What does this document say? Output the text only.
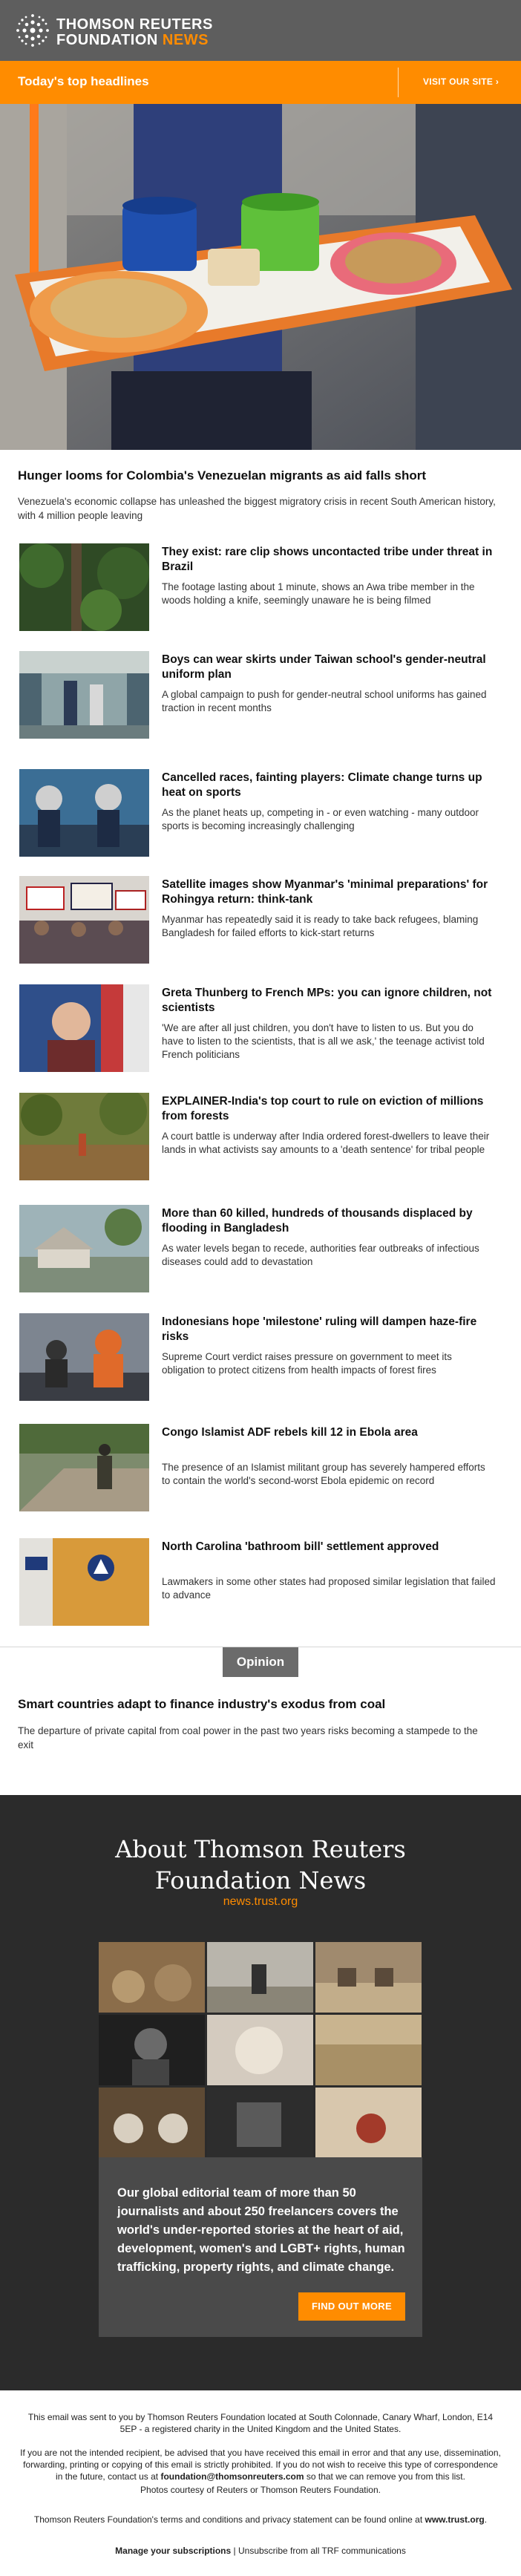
THOMSON REUTERS
FOUNDATION NEWS
Today's top headlines	VISIT OUR SITE ›
Hunger looms for Colombia's Venezuelan migrants as aid falls short
Venezuela's economic collapse has unleashed the biggest migratory crisis in recent South American history, with 4 million people leaving
They exist: rare clip shows uncontacted tribe under threat in Brazil
The footage lasting about 1 minute, shows an Awa tribe member in the woods holding a knife, seemingly unaware he is being filmed
Boys can wear skirts under Taiwan school's gender-neutral uniform plan
A global campaign to push for gender-neutral school uniforms has gained traction in recent months
Cancelled races, fainting players: Climate change turns up heat on sports
As the planet heats up, competing in - or even watching - many outdoor sports is becoming increasingly challenging
Satellite images show Myanmar's 'minimal preparations' for Rohingya return: think-tank
Myanmar has repeatedly said it is ready to take back refugees, blaming Bangladesh for failed efforts to kick-start returns
Greta Thunberg to French MPs: you can ignore children, not scientists
'We are after all just children, you don't have to listen to us. But you do have to listen to the scientists, that is all we ask,' the teenage activist told French politicians
EXPLAINER-India's top court to rule on eviction of millions from forests
A court battle is underway after India ordered forest-dwellers to leave their lands in what activists say amounts to a 'death sentence' for tribal people
More than 60 killed, hundreds of thousands displaced by flooding in Bangladesh
As water levels began to recede, authorities fear outbreaks of infectious diseases could add to devastation
Indonesians hope 'milestone' ruling will dampen haze-fire risks
Supreme Court verdict raises pressure on government to meet its obligation to protect citizens from health impacts of forest fires
Congo Islamist ADF rebels kill 12 in Ebola area
The presence of an Islamist militant group has severely hampered efforts to contain the world's second-worst Ebola epidemic on record
North Carolina 'bathroom bill' settlement approved
Lawmakers in some other states had proposed similar legislation that failed to advance
Opinion
Smart countries adapt to finance industry's exodus from coal
The departure of private capital from coal power in the past two years risks becoming a stampede to the exit
About Thomson Reuters
Foundation News
news.trust.org
Our global editorial team of more than 50 journalists and about 250 freelancers covers the world's under-reported stories at the heart of aid, development, women's and LGBT+ rights, human trafficking, property rights, and climate change.
FIND OUT MORE

This email was sent to you by Thomson Reuters Foundation located at South Colonnade, Canary Wharf, London, E14 5EP - a registered charity in the United Kingdom and the United States.

If you are not the intended recipient, be advised that you have received this email in error and that any use, dissemination, forwarding, printing or copying of this email is strictly prohibited. If you do not wish to receive this type of correspondence in the future, contact us at foundation@thomsonreuters.com so that we can remove you from this list.

Photos courtesy of Reuters or Thomson Reuters Foundation.

Thomson Reuters Foundation's terms and conditions and privacy statement can be found online at www.trust.org.

Manage your subscriptions | Unsubscribe from all TRF communications
